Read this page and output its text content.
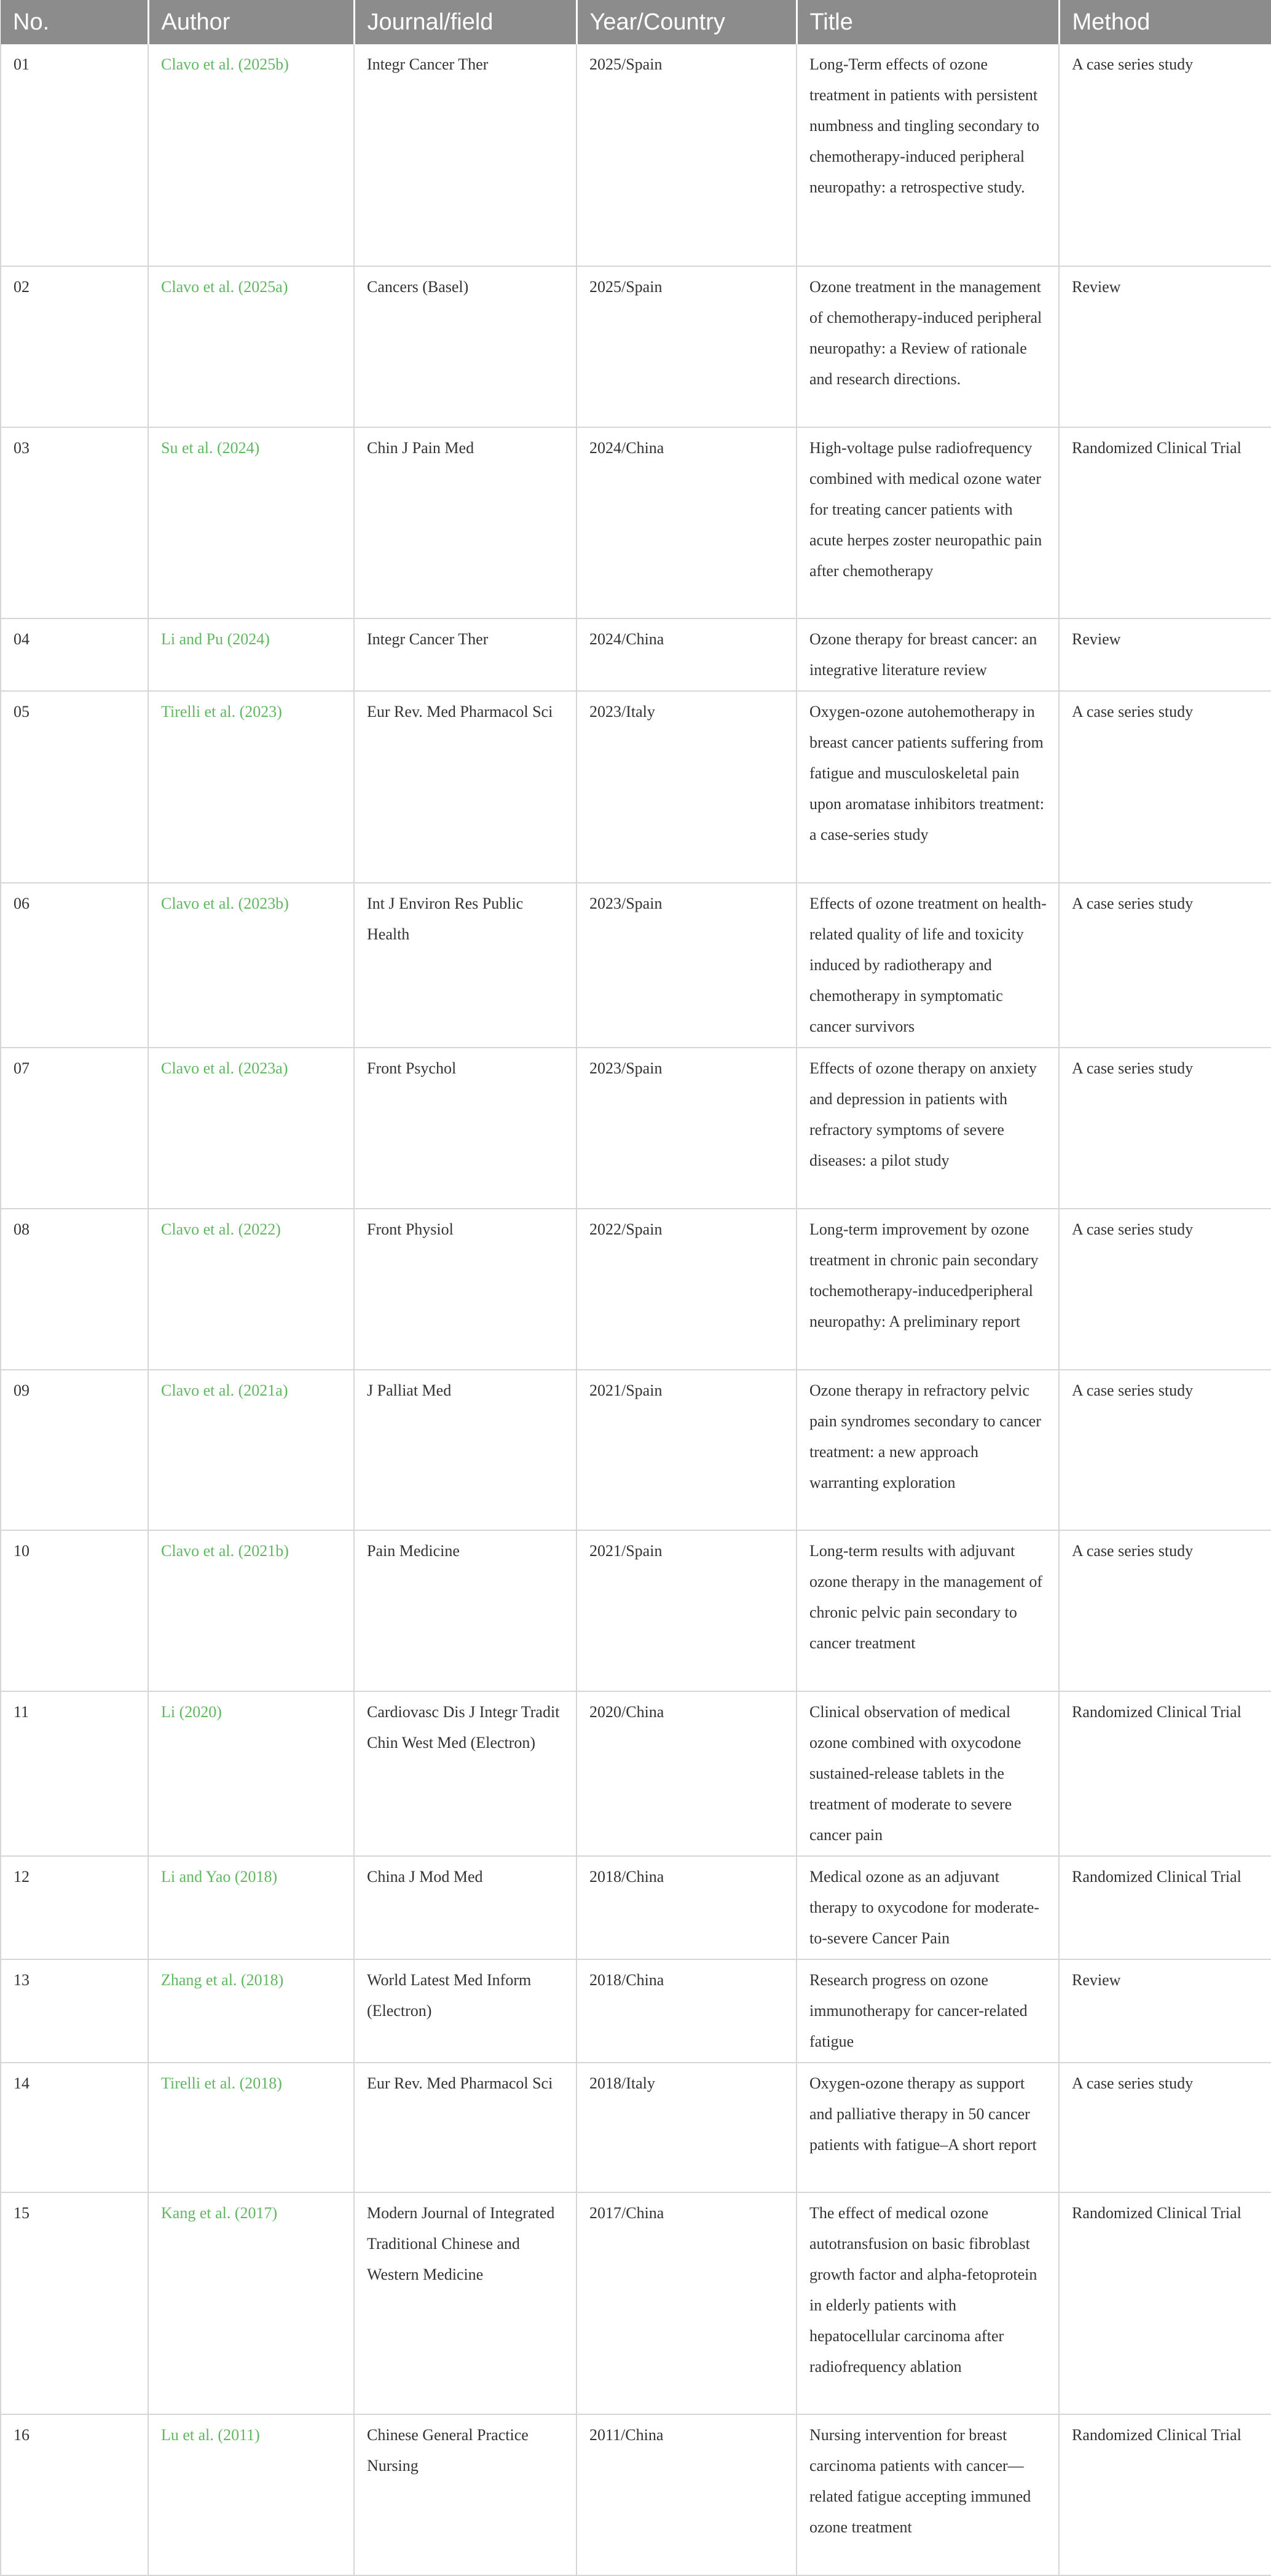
No.	Author	Journal/field	Year/Country	Title	Method
01	Clavo et al. (2025b)	Integr Cancer Ther	2025/Spain	Long-Term effects of ozone treatment in patients with persistent numbness and tingling secondary to chemotherapy-induced peripheral neuropathy: a retrospective study.	A case series study
02	Clavo et al. (2025a)	Cancers (Basel)	2025/Spain	Ozone treatment in the management of chemotherapy-induced peripheral neuropathy: a Review of rationale and research directions.	Review
03	Su et al. (2024)	Chin J Pain Med	2024/China	High-voltage pulse radiofrequency combined with medical ozone water for treating cancer patients with acute herpes zoster neuropathic pain after chemotherapy	Randomized Clinical Trial
04	Li and Pu (2024)	Integr Cancer Ther	2024/China	Ozone therapy for breast cancer: an integrative literature review	Review
05	Tirelli et al. (2023)	Eur Rev. Med Pharmacol Sci	2023/Italy	Oxygen-ozone autohemotherapy in breast cancer patients suffering from fatigue and musculoskeletal pain upon aromatase inhibitors treatment: a case-series study	A case series study
06	Clavo et al. (2023b)	Int J Environ Res Public Health	2023/Spain	Effects of ozone treatment on health-related quality of life and toxicity induced by radiotherapy and chemotherapy in symptomatic cancer survivors	A case series study
07	Clavo et al. (2023a)	Front Psychol	2023/Spain	Effects of ozone therapy on anxiety and depression in patients with refractory symptoms of severe diseases: a pilot study	A case series study
08	Clavo et al. (2022)	Front Physiol	2022/Spain	Long-term improvement by ozone treatment in chronic pain secondary tochemotherapy-inducedperipheral neuropathy: A preliminary report	A case series study
09	Clavo et al. (2021a)	J Palliat Med	2021/Spain	Ozone therapy in refractory pelvic pain syndromes secondary to cancer treatment: a new approach warranting exploration	A case series study
10	Clavo et al. (2021b)	Pain Medicine	2021/Spain	Long-term results with adjuvant ozone therapy in the management of chronic pelvic pain secondary to cancer treatment	A case series study
11	Li (2020)	Cardiovasc Dis J Integr Tradit Chin West Med (Electron)	2020/China	Clinical observation of medical ozone combined with oxycodone sustained-release tablets in the treatment of moderate to severe cancer pain	Randomized Clinical Trial
12	Li and Yao (2018)	China J Mod Med	2018/China	Medical ozone as an adjuvant therapy to oxycodone for moderate-to-severe Cancer Pain	Randomized Clinical Trial
13	Zhang et al. (2018)	World Latest Med Inform (Electron)	2018/China	Research progress on ozone immunotherapy for cancer-related fatigue	Review
14	Tirelli et al. (2018)	Eur Rev. Med Pharmacol Sci	2018/Italy	Oxygen-ozone therapy as support and palliative therapy in 50 cancer patients with fatigue–A short report	A case series study
15	Kang et al. (2017)	Modern Journal of Integrated Traditional Chinese and Western Medicine	2017/China	The effect of medical ozone autotransfusion on basic fibroblast growth factor and alpha-fetoprotein in elderly patients with hepatocellular carcinoma after radiofrequency ablation	Randomized Clinical Trial
16	Lu et al. (2011)	Chinese General Practice Nursing	2011/China	Nursing intervention for breast carcinoma patients with cancer—related fatigue accepting immuned ozone treatment	Randomized Clinical Trial
